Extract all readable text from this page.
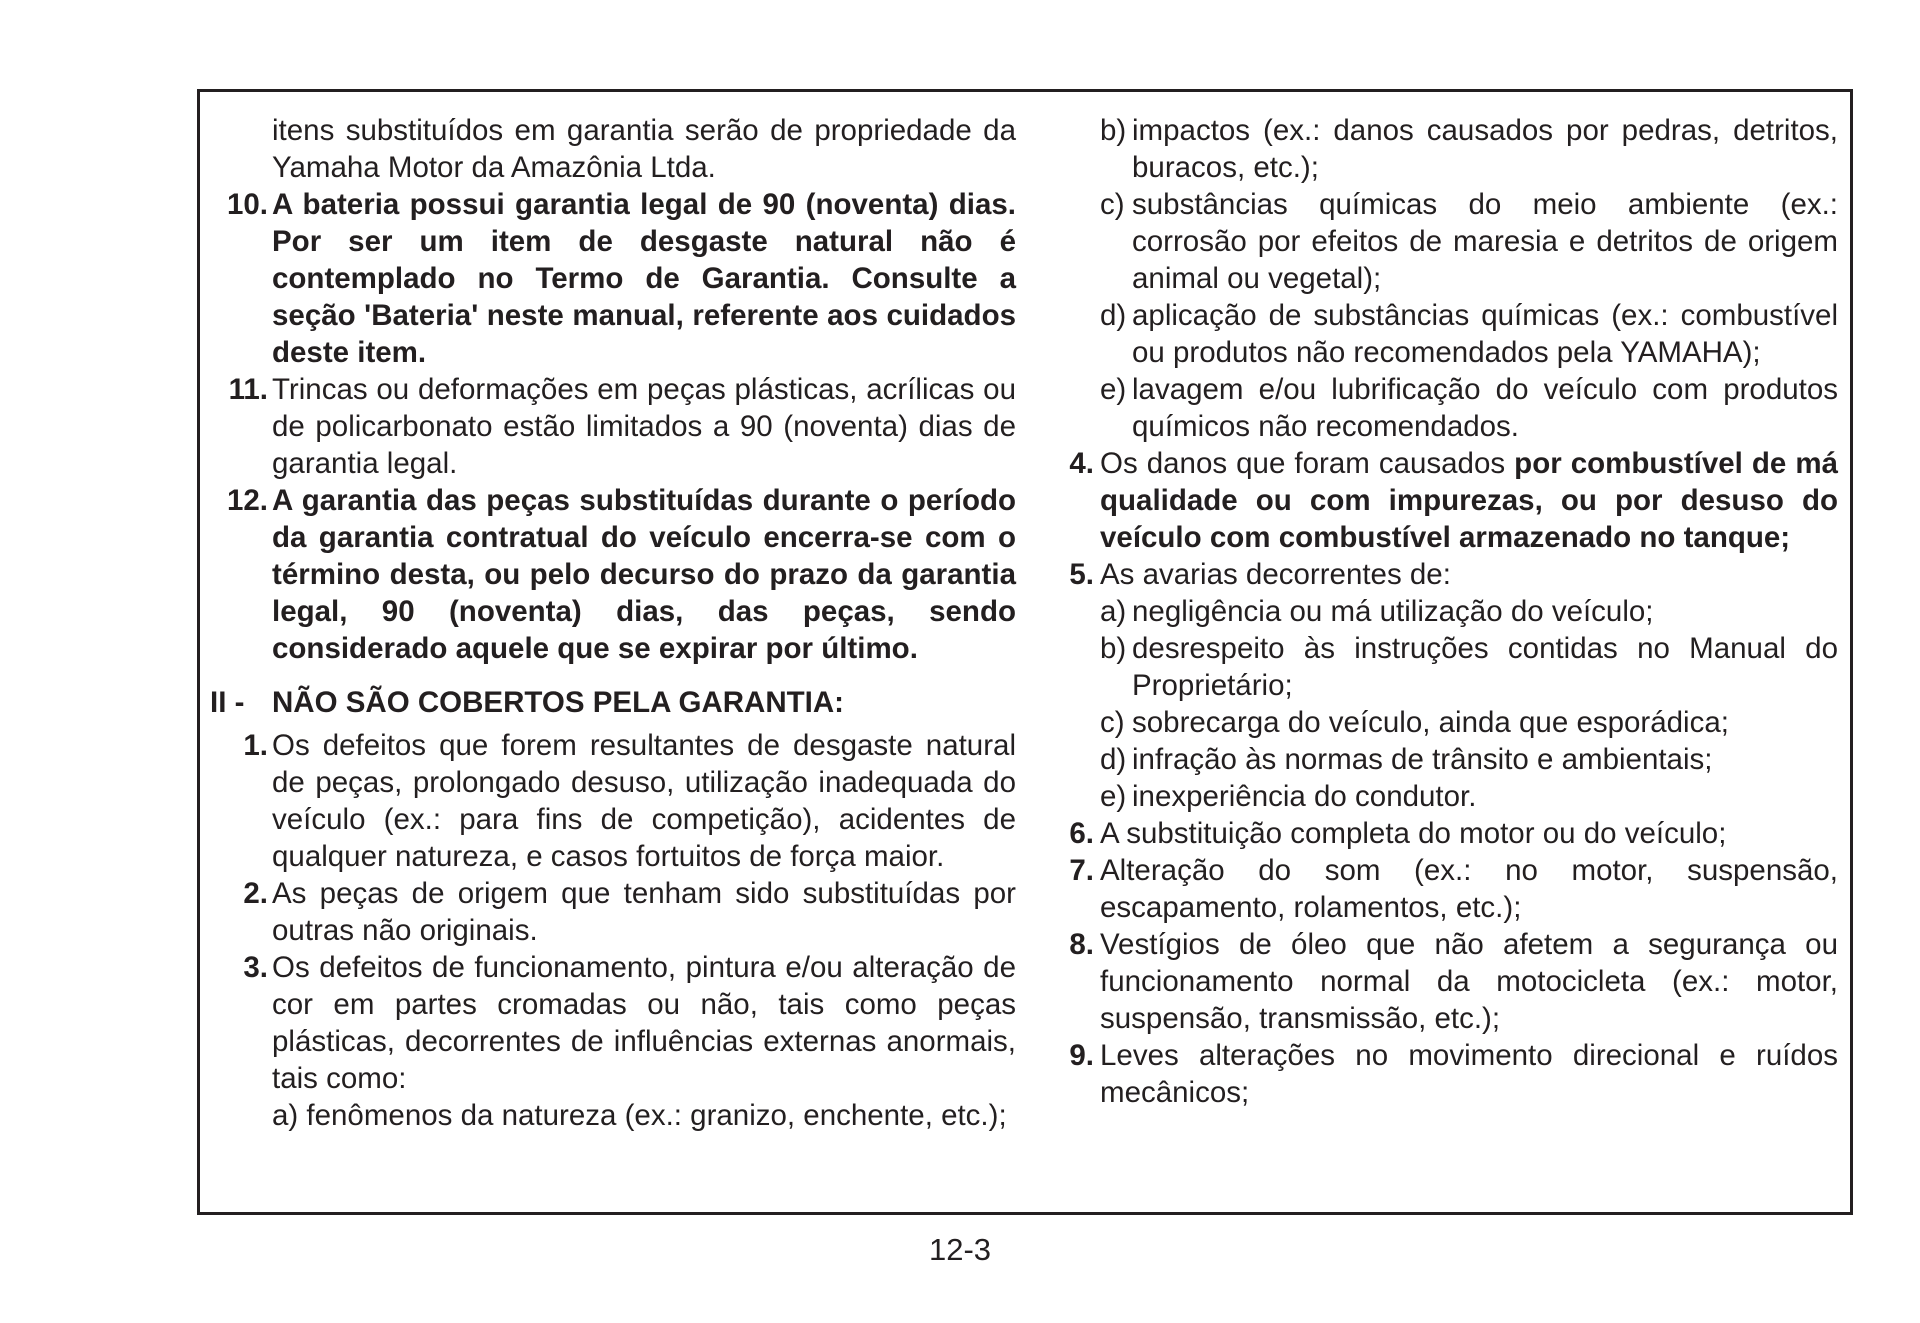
itens substituídos em garantia serão de propriedade da Yamaha Motor da Amazônia Ltda.
10. A bateria possui garantia legal de 90 (noventa) dias. Por ser um item de desgaste natural não é contemplado no Termo de Garantia. Consulte a seção 'Bateria' neste manual, referente aos cuidados deste item.
11. Trincas ou deformações em peças plásticas, acrílicas ou de policarbonato estão limitados a 90 (noventa) dias de garantia legal.
12. A garantia das peças substituídas durante o período da garantia contratual do veículo encerra-se com o término desta, ou pelo decurso do prazo da garantia legal, 90 (noventa) dias, das peças, sendo considerado aquele que se expirar por último.
II - NÃO SÃO COBERTOS PELA GARANTIA:
1. Os defeitos que forem resultantes de desgaste natural de peças, prolongado desuso, utilização inadequada do veículo (ex.: para fins de competição), acidentes de qualquer natureza, e casos fortuitos de força maior.
2. As peças de origem que tenham sido substituídas por outras não originais.
3. Os defeitos de funcionamento, pintura e/ou alteração de cor em partes cromadas ou não, tais como peças plásticas, decorrentes de influências externas anormais, tais como:
a) fenômenos da natureza (ex.: granizo, enchente, etc.);
b) impactos (ex.: danos causados por pedras, detritos, buracos, etc.);
c) substâncias químicas do meio ambiente (ex.: corrosão por efeitos de maresia e detritos de origem animal ou vegetal);
d) aplicação de substâncias químicas (ex.: combustível ou produtos não recomendados pela YAMAHA);
e) lavagem e/ou lubrificação do veículo com produtos químicos não recomendados.
4. Os danos que foram causados por combustível de má qualidade ou com impurezas, ou por desuso do veículo com combustível armazenado no tanque;
5. As avarias decorrentes de:
a) negligência ou má utilização do veículo;
b) desrespeito às instruções contidas no Manual do Proprietário;
c) sobrecarga do veículo, ainda que esporádica;
d) infração às normas de trânsito e ambientais;
e) inexperiência do condutor.
6. A substituição completa do motor ou do veículo;
7. Alteração do som (ex.: no motor, suspensão, escapamento, rolamentos, etc.);
8. Vestígios de óleo que não afetem a segurança ou funcionamento normal da motocicleta (ex.: motor, suspensão, transmissão, etc.);
9. Leves alterações no movimento direcional e ruídos mecânicos;
12-3
